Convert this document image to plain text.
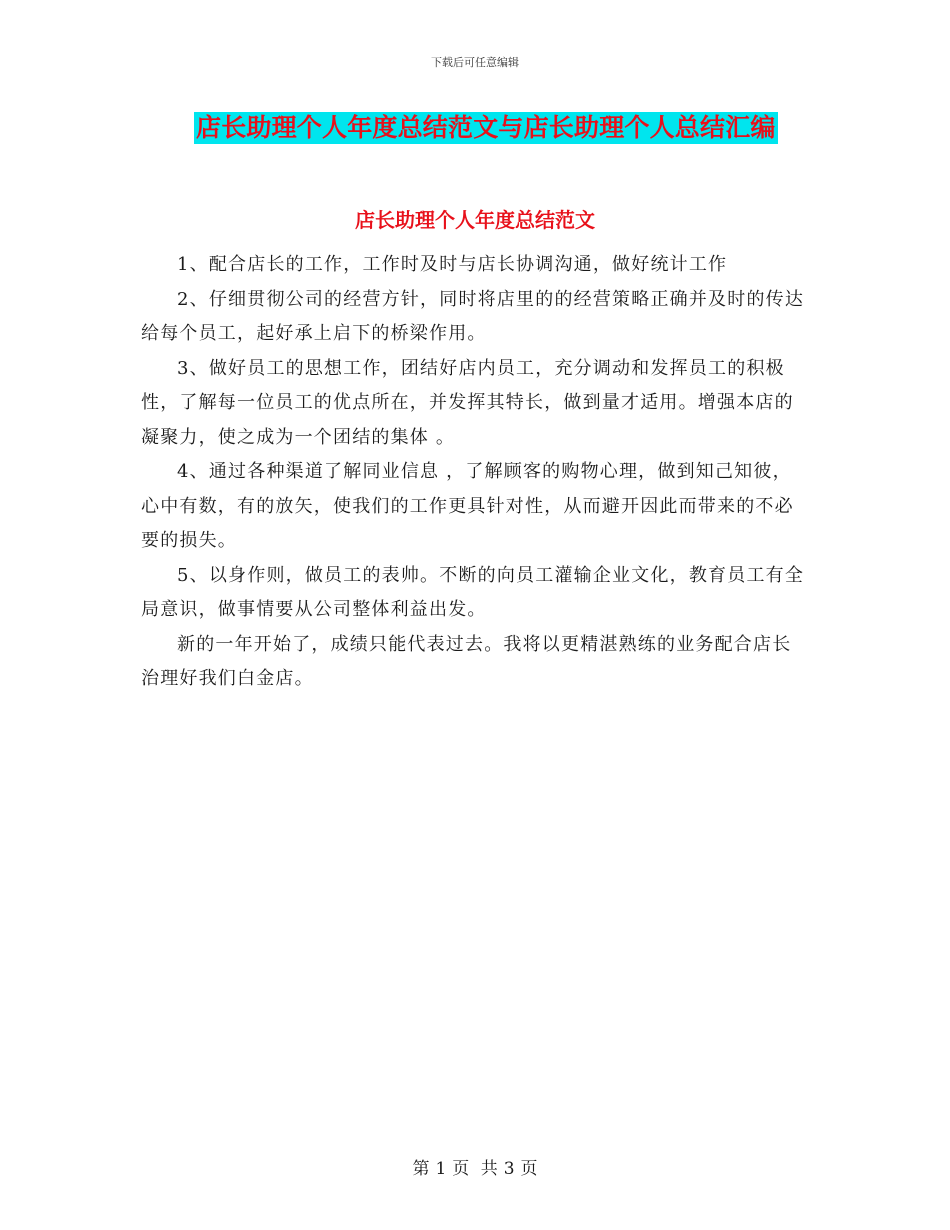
下载后可任意编辑
店长助理个人年度总结范文与店长助理个人总结汇编
店长助理个人年度总结范文

1、配合店长的工作，工作时及时与店长协调沟通，做好统计工作

2、仔细贯彻公司的经营方针，同时将店里的的经营策略正确并及时的传达给每个员工，起好承上启下的桥梁作用。

3、做好员工的思想工作，团结好店内员工，充分调动和发挥员工的积极性，了解每一位员工的优点所在，并发挥其特长，做到量才适用。增强本店的凝聚力，使之成为一个团结的集体 。

4、通过各种渠道了解同业信息 ，了解顾客的购物心理，做到知己知彼，心中有数，有的放矢，使我们的工作更具针对性，从而避开因此而带来的不必要的损失。

5、以身作则，做员工的表帅。不断的向员工灌输企业文化，教育员工有全局意识，做事情要从公司整体利益出发。

新的一年开始了，成绩只能代表过去。我将以更精湛熟练的业务配合店长治理好我们白金店。

第 1 页 共 3 页
